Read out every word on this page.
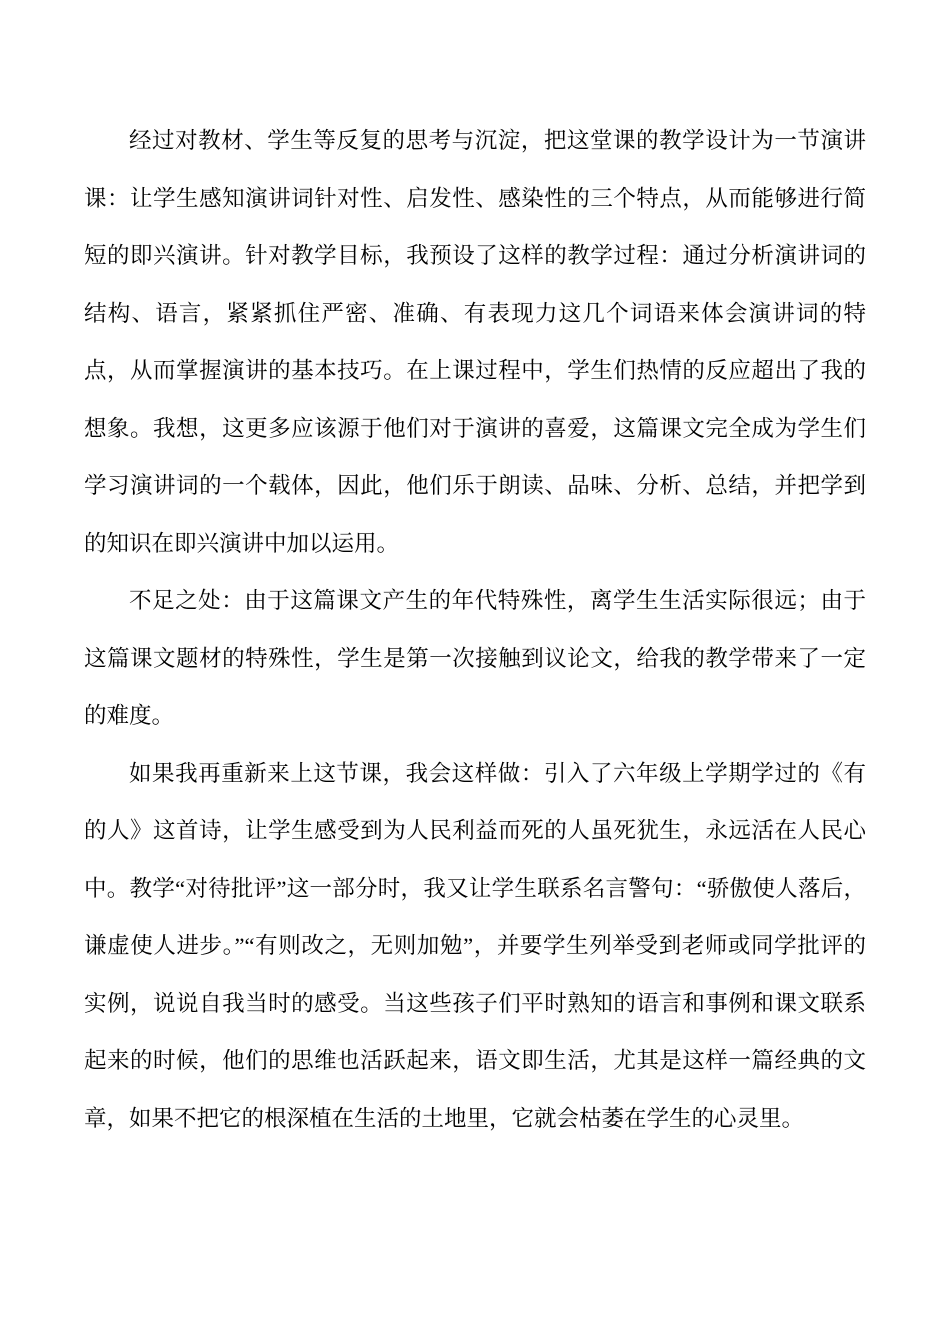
经过对教材、学生等反复的思考与沉淀，把这堂课的教学设计为一节演讲课：让学生感知演讲词针对性、启发性、感染性的三个特点，从而能够进行简短的即兴演讲。针对教学目标，我预设了这样的教学过程：通过分析演讲词的结构、语言，紧紧抓住严密、准确、有表现力这几个词语来体会演讲词的特点，从而掌握演讲的基本技巧。在上课过程中，学生们热情的反应超出了我的想象。我想，这更多应该源于他们对于演讲的喜爱，这篇课文完全成为学生们学习演讲词的一个载体，因此，他们乐于朗读、品味、分析、总结，并把学到的知识在即兴演讲中加以运用。

不足之处：由于这篇课文产生的年代特殊性，离学生生活实际很远；由于这篇课文题材的特殊性，学生是第一次接触到议论文，给我的教学带来了一定的难度。

如果我再重新来上这节课，我会这样做：引入了六年级上学期学过的《有的人》这首诗，让学生感受到为人民利益而死的人虽死犹生，永远活在人民心中。教学“对待批评”这一部分时，我又让学生联系名言警句：“骄傲使人落后，谦虚使人进步。”“有则改之，无则加勉”，并要学生列举受到老师或同学批评的实例，说说自我当时的感受。当这些孩子们平时熟知的语言和事例和课文联系起来的时候，他们的思维也活跃起来，语文即生活，尤其是这样一篇经典的文章，如果不把它的根深植在生活的土地里，它就会枯萎在学生的心灵里。
